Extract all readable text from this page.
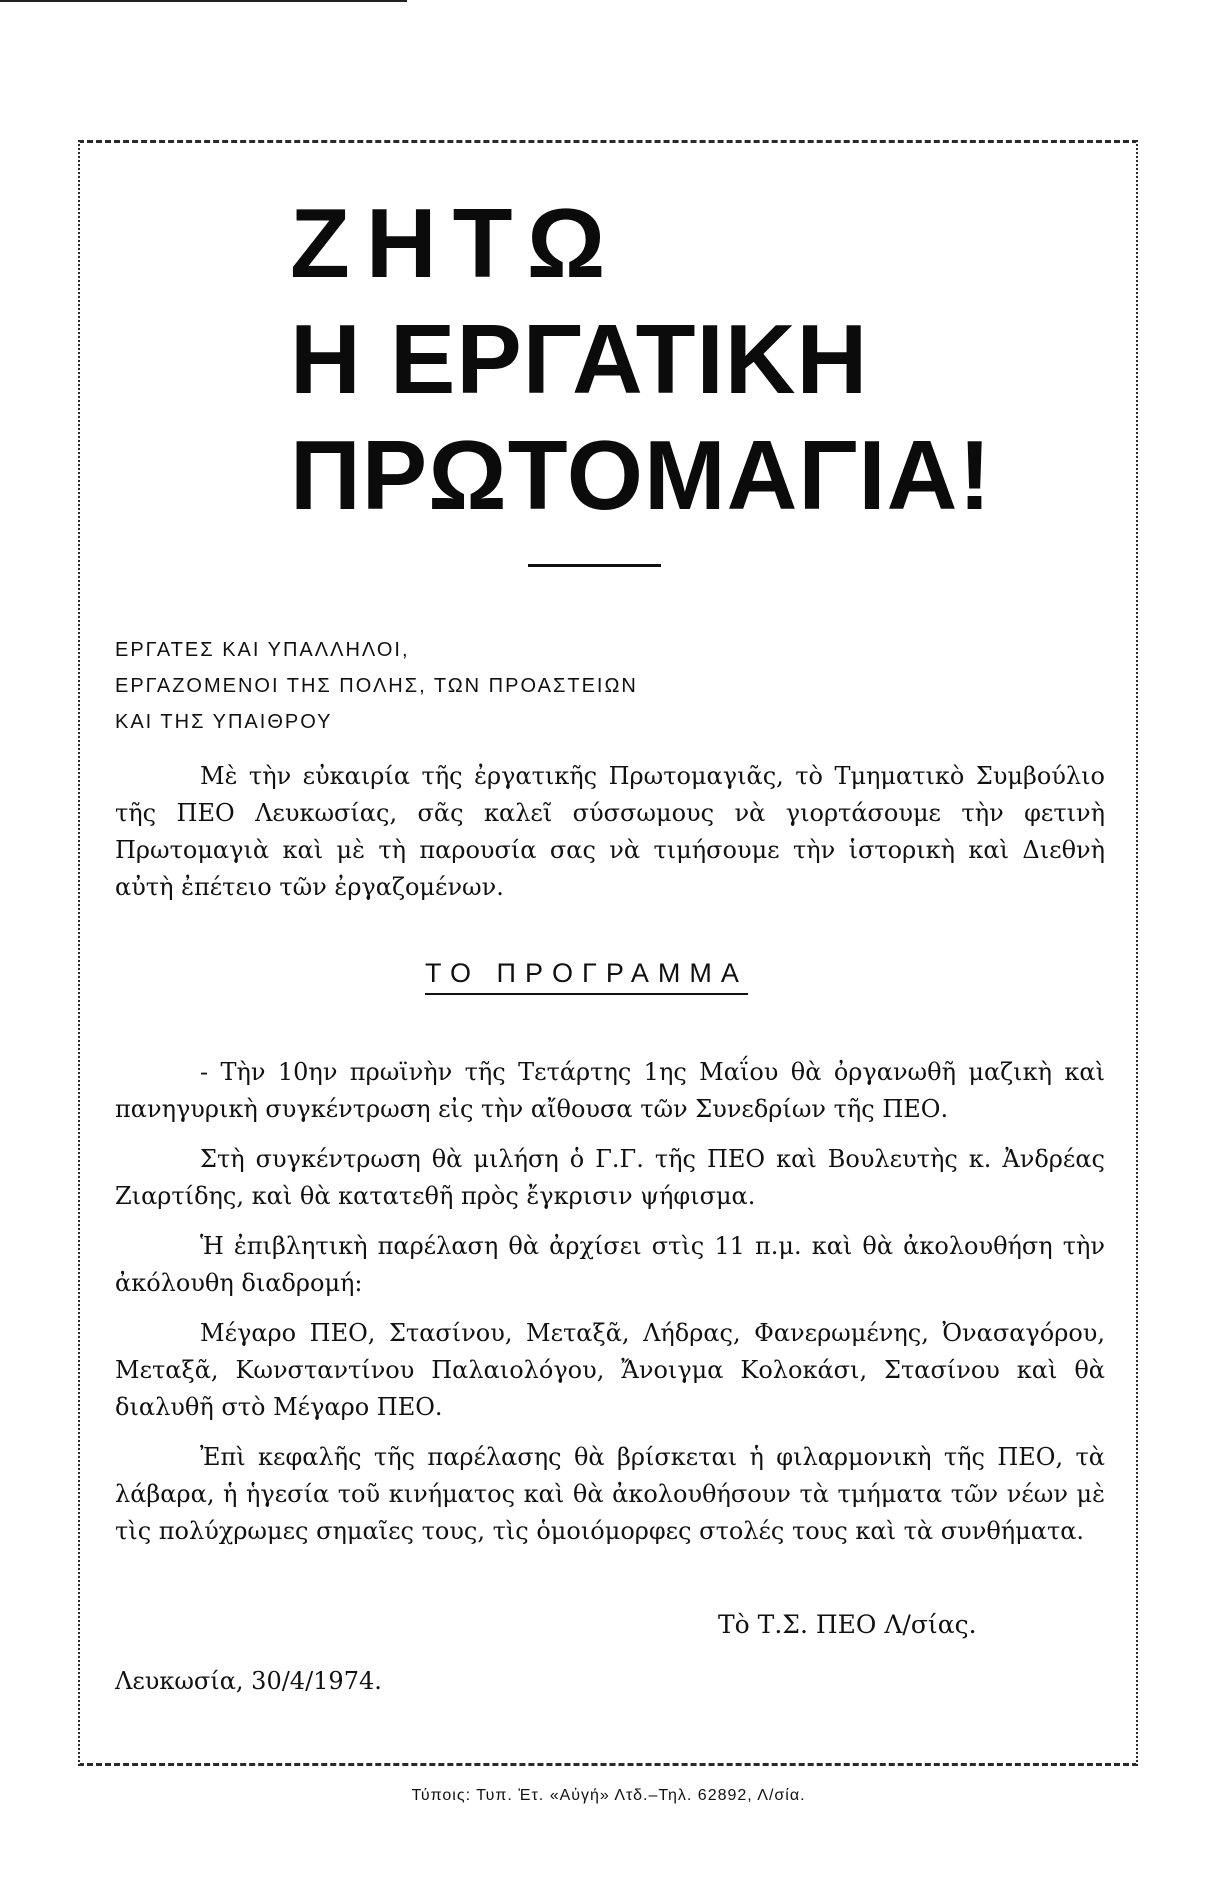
ΖΗΤΩ
Η ΕΡΓΑΤΙΚΗ
ΠΡΩΤΟΜΑΓΙΑ!
ΕΡΓΑΤΕΣ ΚΑΙ ΥΠΑΛΛΗΛΟΙ,
ΕΡΓΑΖΟΜΕΝΟΙ ΤΗΣ ΠΟΛΗΣ, ΤΩΝ ΠΡΟΑΣΤΕΙΩΝ
ΚΑΙ ΤΗΣ ΥΠΑΙΘΡΟΥ

Μὲ τὴν εὐκαιρία τῆς ἐργατικῆς Πρωτομαγιᾶς, τὸ Τμηματικὸ Συμβούλιο τῆς ΠΕΟ Λευκωσίας, σᾶς καλεῖ σύσσωμους νὰ γιορτάσουμε τὴν φετινὴ Πρωτομαγιὰ καὶ μὲ τὴ παρουσία σας νὰ τιμήσουμε τὴν ἱστορικὴ καὶ Διεθνὴ αὐτὴ ἐπέτειο τῶν ἐργαζομένων.

ΤΟ ΠΡΟΓΡΑΜΜΑ

- Τὴν 10ην πρωϊνὴν τῆς Τετάρτης 1ης Μαΐου θὰ ὀργανωθῆ μαζικὴ καὶ πανηγυρικὴ συγκέντρωση εἰς τὴν αἴθουσα τῶν Συνεδρίων τῆς ΠΕΟ.

Στὴ συγκέντρωση θὰ μιλήση ὁ Γ.Γ. τῆς ΠΕΟ καὶ Βουλευτὴς κ. Ἀνδρέας Ζιαρτίδης, καὶ θὰ κατατεθῆ πρὸς ἔγκρισιν ψήφισμα.

Ἡ ἐπιβλητικὴ παρέλαση θὰ ἀρχίσει στὶς 11 π.μ. καὶ θὰ ἀκολουθήση τὴν ἀκόλουθη διαδρομή:

Μέγαρο ΠΕΟ, Στασίνου, Μεταξᾶ, Λήδρας, Φανερωμένης, Ὀνασαγόρου, Μεταξᾶ, Κωνσταντίνου Παλαιολόγου, Ἄνοιγμα Κολοκάσι, Στασίνου καὶ θὰ διαλυθῆ στὸ Μέγαρο ΠΕΟ.

Ἐπὶ κεφαλῆς τῆς παρέλασης θὰ βρίσκεται ἡ φιλαρμονικὴ τῆς ΠΕΟ, τὰ λάβαρα, ἡ ἡγεσία τοῦ κινήματος καὶ θὰ ἀκολουθήσουν τὰ τμήματα τῶν νέων μὲ τὶς πολύχρωμες σημαῖες τους, τὶς ὁμοιόμορφες στολές τους καὶ τὰ συνθήματα.

Τὸ Τ.Σ. ΠΕΟ Λ/σίας.

Λευκωσία, 30/4/1974.

Τύποις: Τυπ. Ἐτ. «Αὐγή» Λτδ.–Τηλ. 62892, Λ/σία.
